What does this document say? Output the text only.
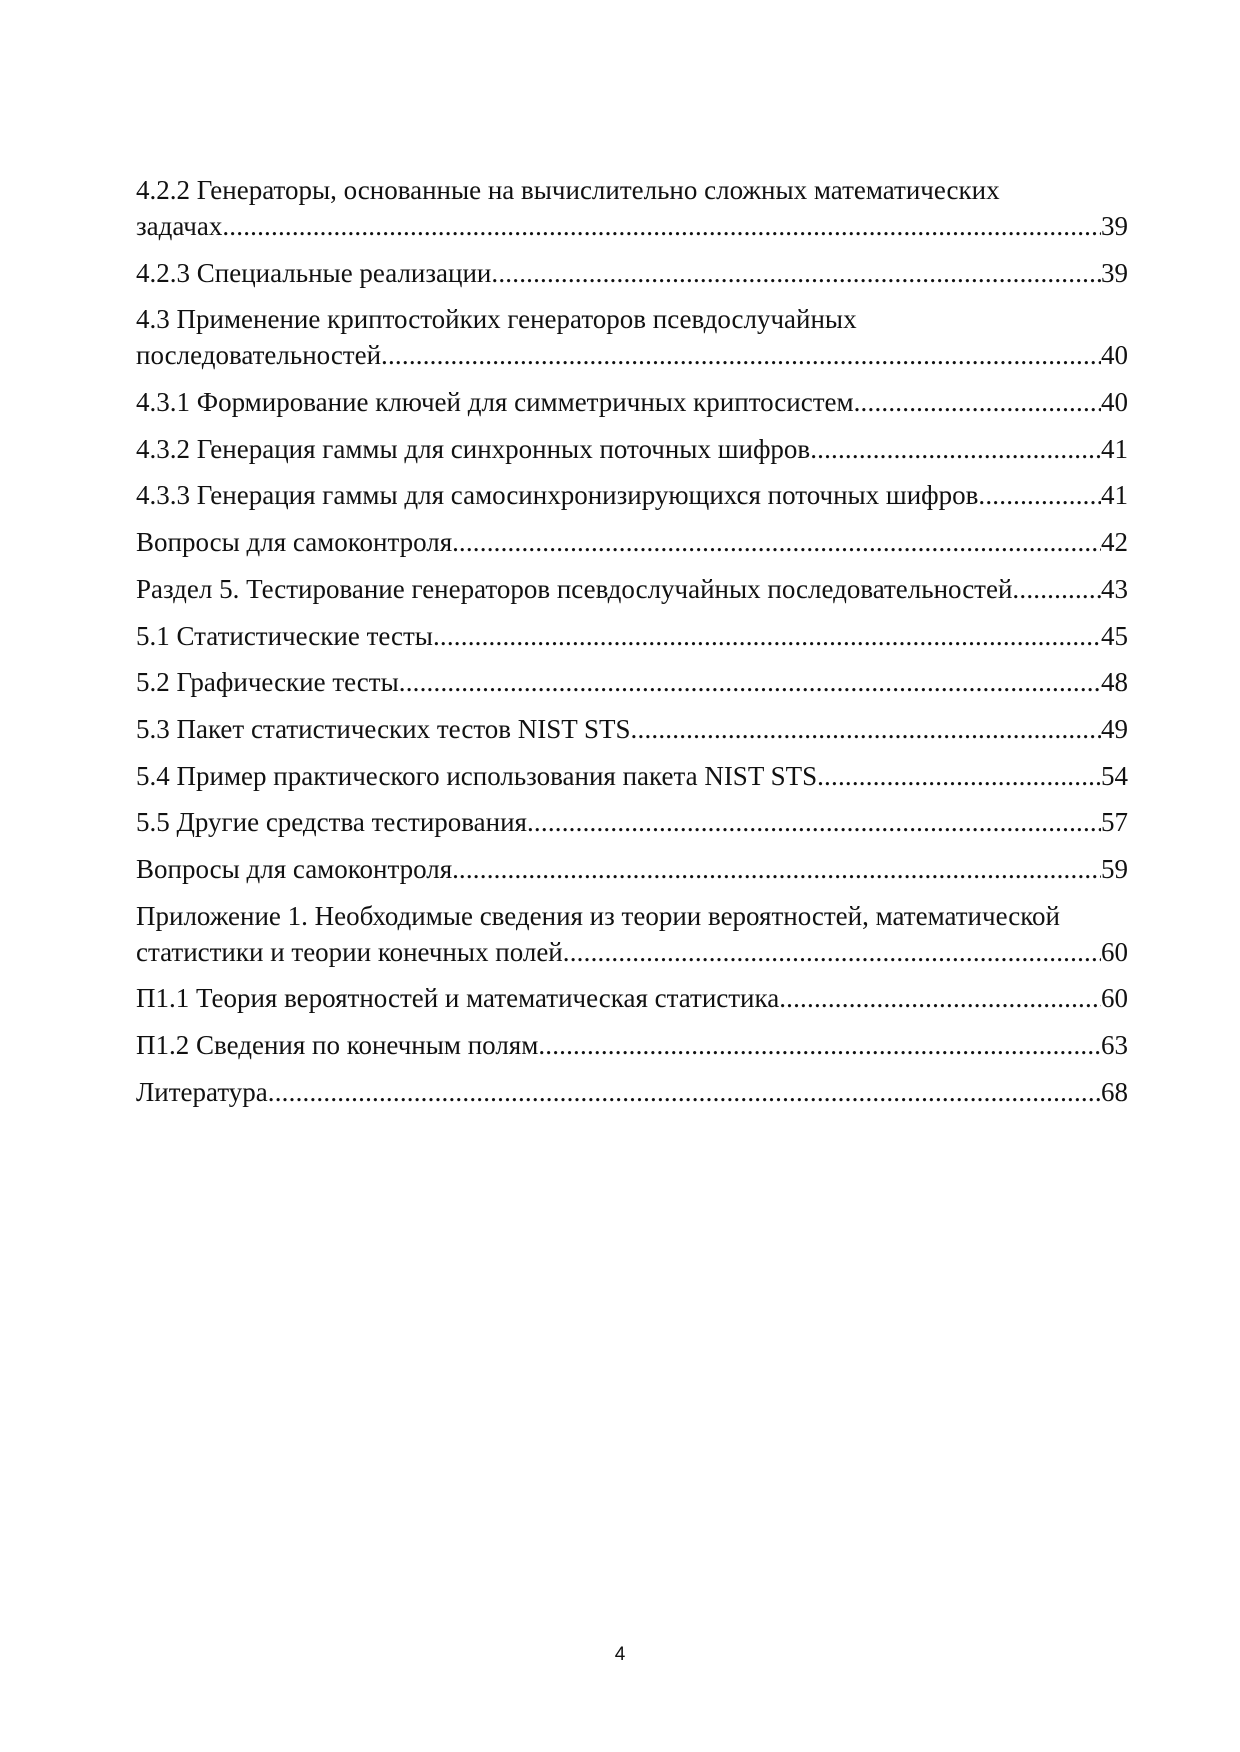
4.2.2 Генераторы, основанные на вычислительно сложных математических
задачах .....	39
4.2.3 Специальные реализации .....	39
4.3 Применение криптостойких генераторов псевдослучайных
последовательностей .....	40
4.3.1 Формирование ключей для симметричных криптосистем .....	40
4.3.2 Генерация гаммы для синхронных поточных шифров .....	41
4.3.3 Генерация гаммы для самосинхронизирующихся поточных шифров .....	41
Вопросы для самоконтроля. .....	42
Раздел 5. Тестирование генераторов псевдослучайных последовательностей .....	43
5.1 Статистические тесты .....	45
5.2 Графические тесты .....	48
5.3 Пакет статистических тестов NIST STS .....	49
5.4 Пример практического использования пакета NIST STS .....	54
5.5 Другие средства тестирования .....	57
Вопросы для самоконтроля. .....	59
Приложение 1. Необходимые сведения из теории вероятностей, математической
статистики и теории конечных полей .....	60
П1.1 Теория вероятностей и математическая статистика .....	60
П1.2 Сведения по конечным полям .....	63
Литература .....	68
4
